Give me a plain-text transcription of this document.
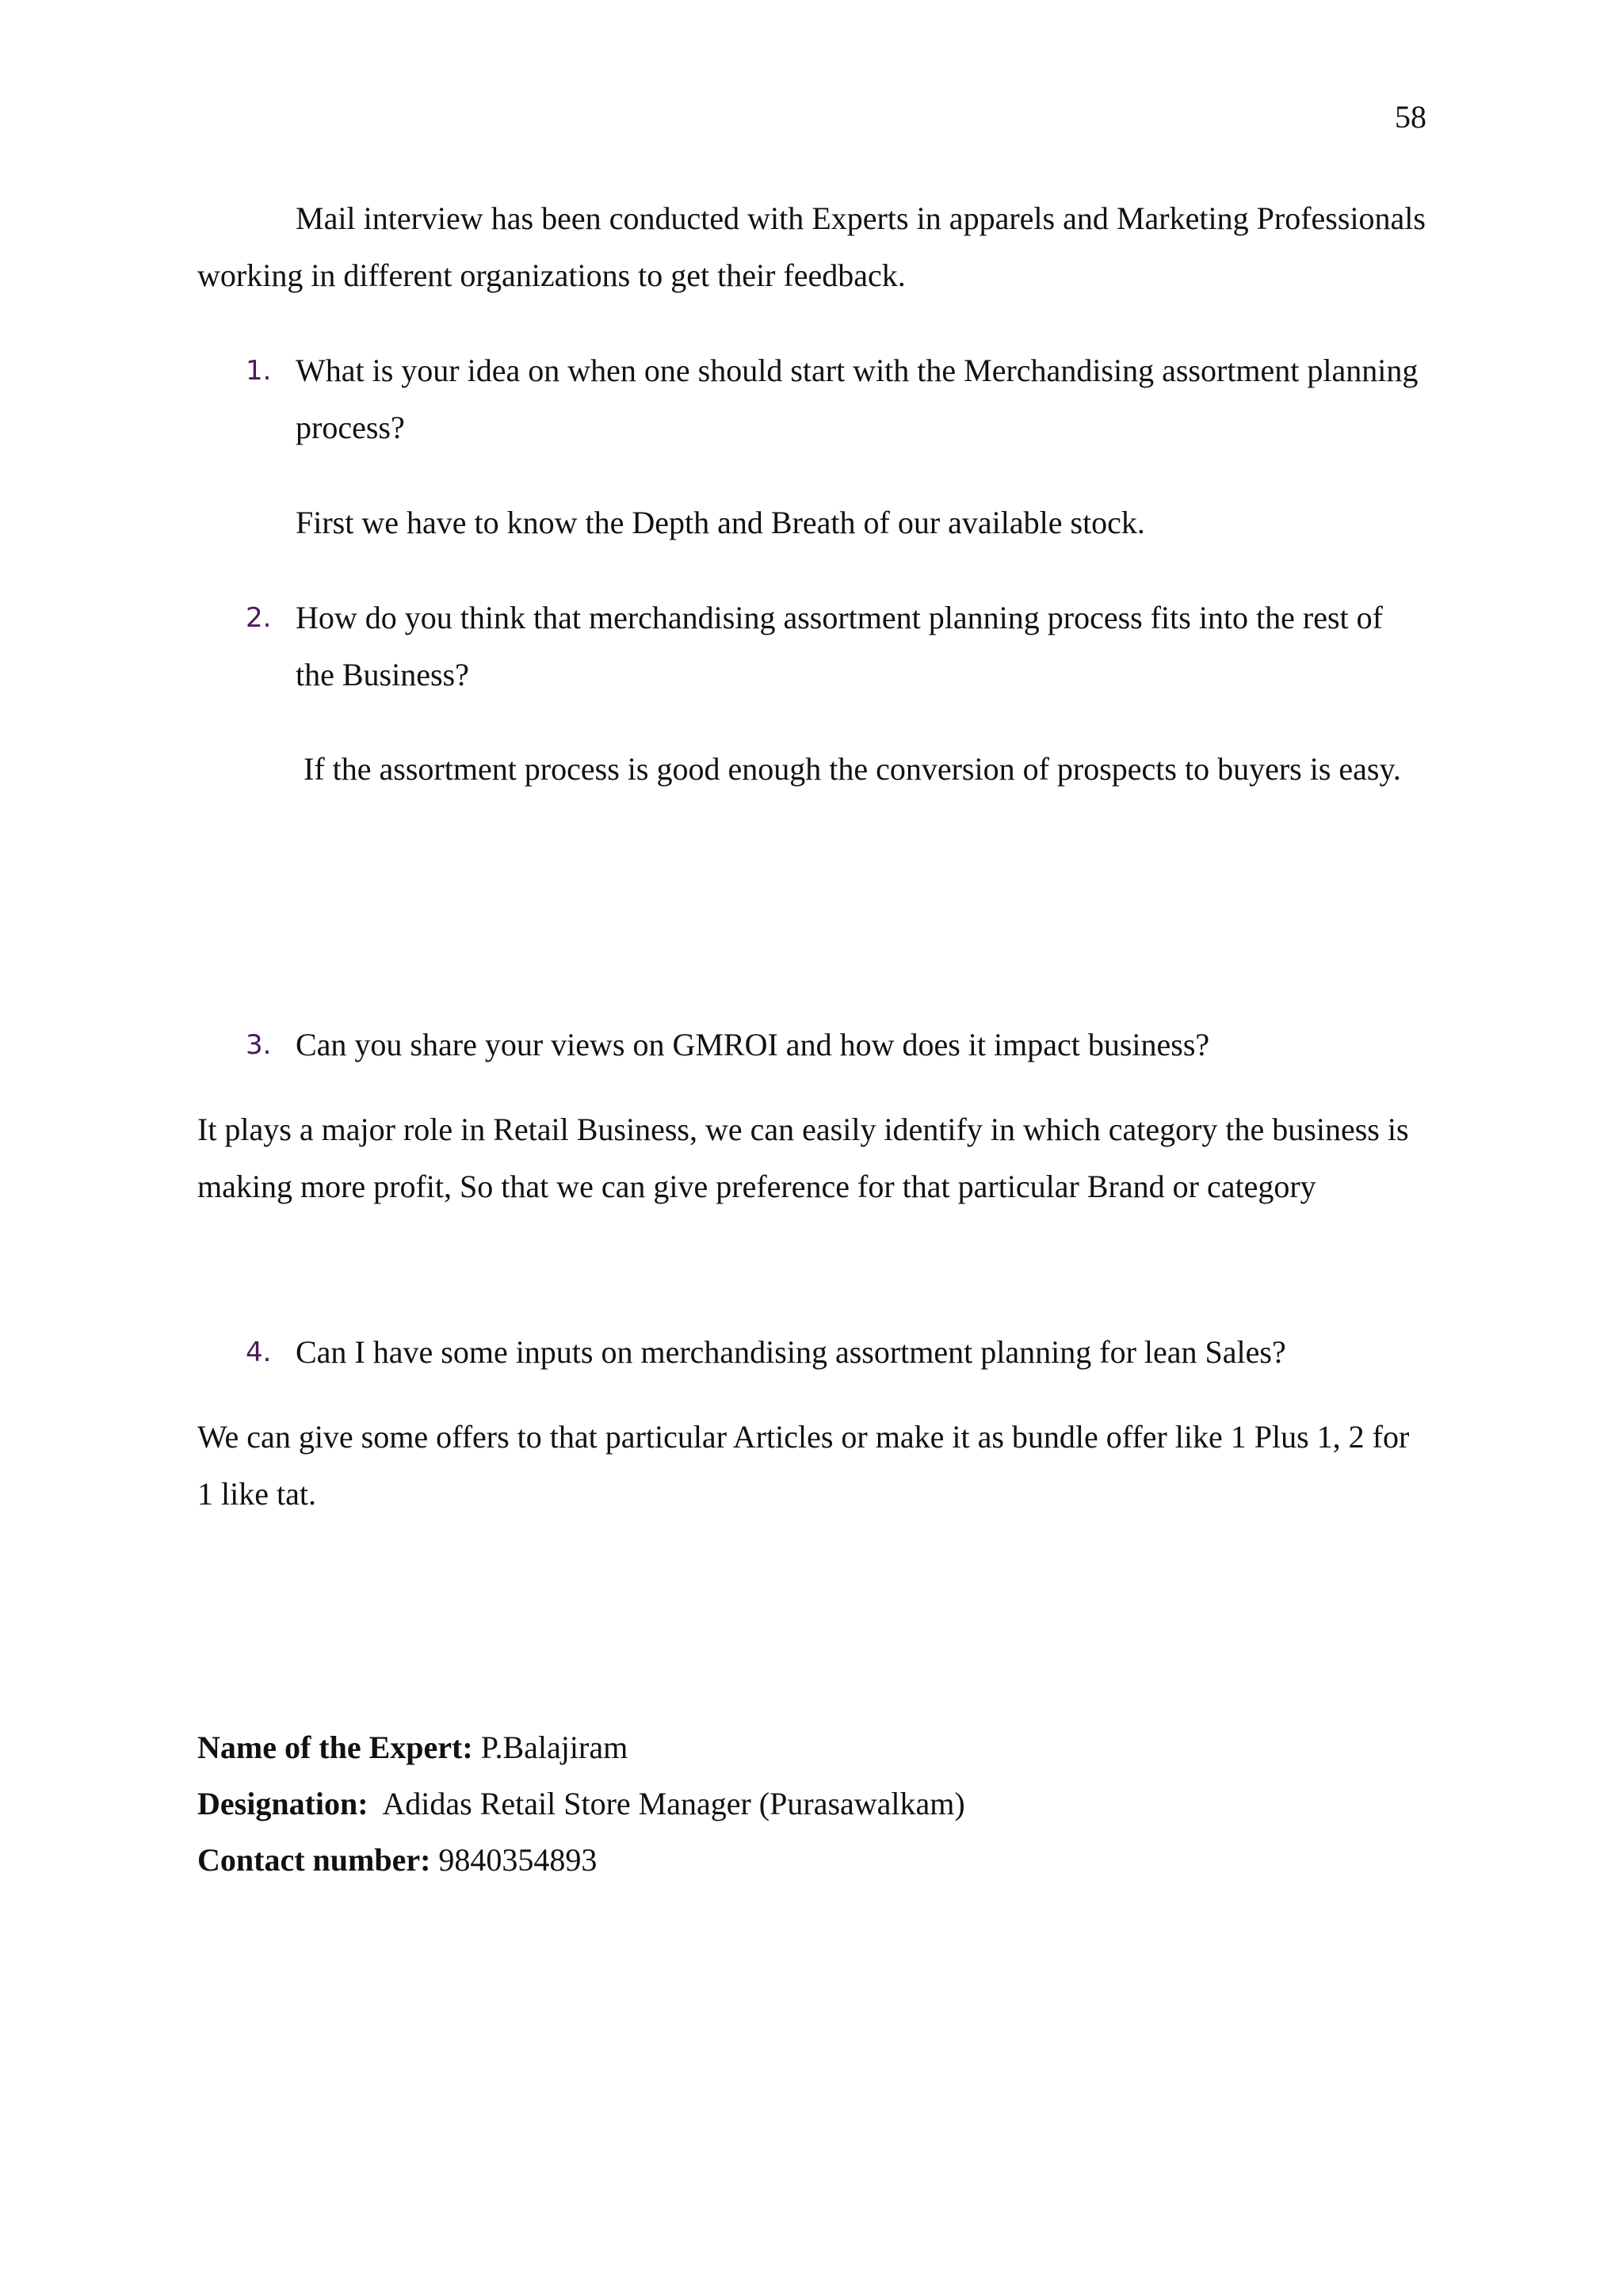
58
Mail interview has been conducted with Experts in apparels and Marketing Professionals working in different organizations to get their feedback.
1. What is your idea on when one should start with the Merchandising assortment planning process?
First we have to know the Depth and Breath of our available stock.
2. How do you think that merchandising assortment planning process fits into the rest of the Business?
If the assortment process is good enough the conversion of prospects to buyers is easy.
3. Can you share your views on GMROI and how does it impact business?
It plays a major role in Retail Business, we can easily identify in which category the business is making more profit, So that we can give preference for that particular Brand or category
4. Can I have some inputs on merchandising assortment planning for lean Sales?
We can give some offers to that particular Articles or make it as bundle offer like 1 Plus 1, 2 for 1 like tat.
Name of the Expert: P.Balajiram
Designation:  Adidas Retail Store Manager (Purasawalkam)
Contact number: 9840354893
